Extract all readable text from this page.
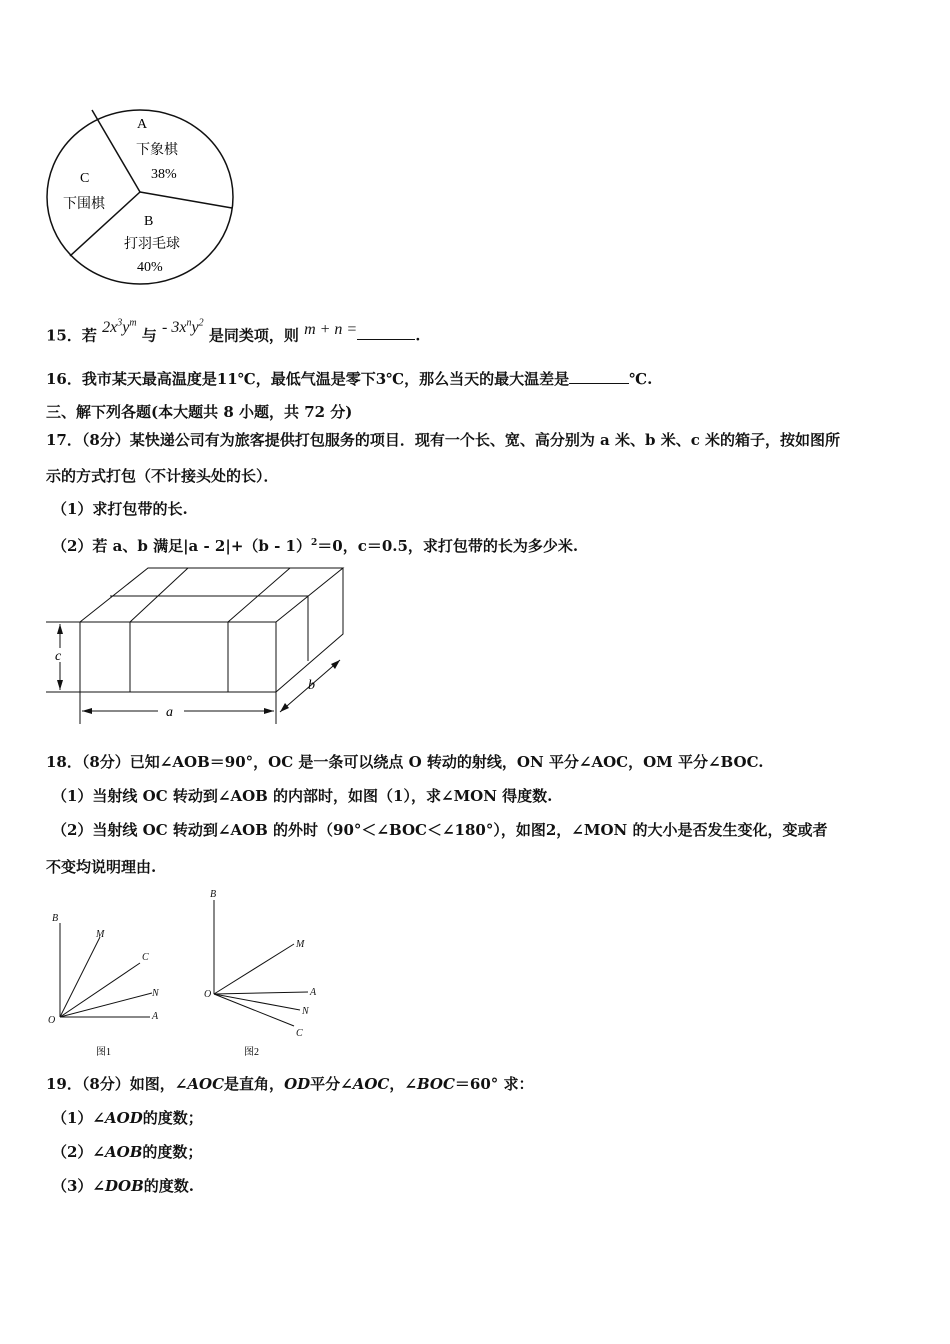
A
下象棋
38%
C
下围棋
B
打羽毛球
40%
15．若 $2x^3y^m$ 与 - $3x^ny^2$ 是同类项，则 m + n =	.
16．我市某天最高温度是11℃，最低气温是零下3℃，那么当天的最大温差是	℃.
三、解下列各题(本大题共 8 小题，共 72 分)
17．（8分）某快递公司有为旅客提供打包服务的项目．现有一个长、宽、高分别为 a 米、b 米、c 米的箱子，按如图所
示的方式打包（不计接头处的长）．
（1）求打包带的长.
（2）若 a、b 满足|a - 2|+（b - 1）$^2$＝0，c＝0.5，求打包带的长为多少米.
c
a
b
18．（8分）已知∠AOB＝90°，OC 是一条可以绕点 O 转动的射线，ON 平分∠AOC，OM 平分∠BOC.
（1）当射线 OC 转动到∠AOB 的内部时，如图（1），求∠MON 得度数.
（2）当射线 OC 转动到∠AOB 的外时（90°＜∠BOC＜∠180°），如图2，∠MON 的大小是否发生变化，变或者
不变均说明理由.
B
M
C
N
O	A
图1
B
M
O	A
N
C
图2
19．（8分）如图，∠AOC是直角，OD平分∠AOC，∠BOC＝60° 求：
（1）∠AOD的度数；
（2）∠AOB的度数；
（3）∠DOB的度数.
